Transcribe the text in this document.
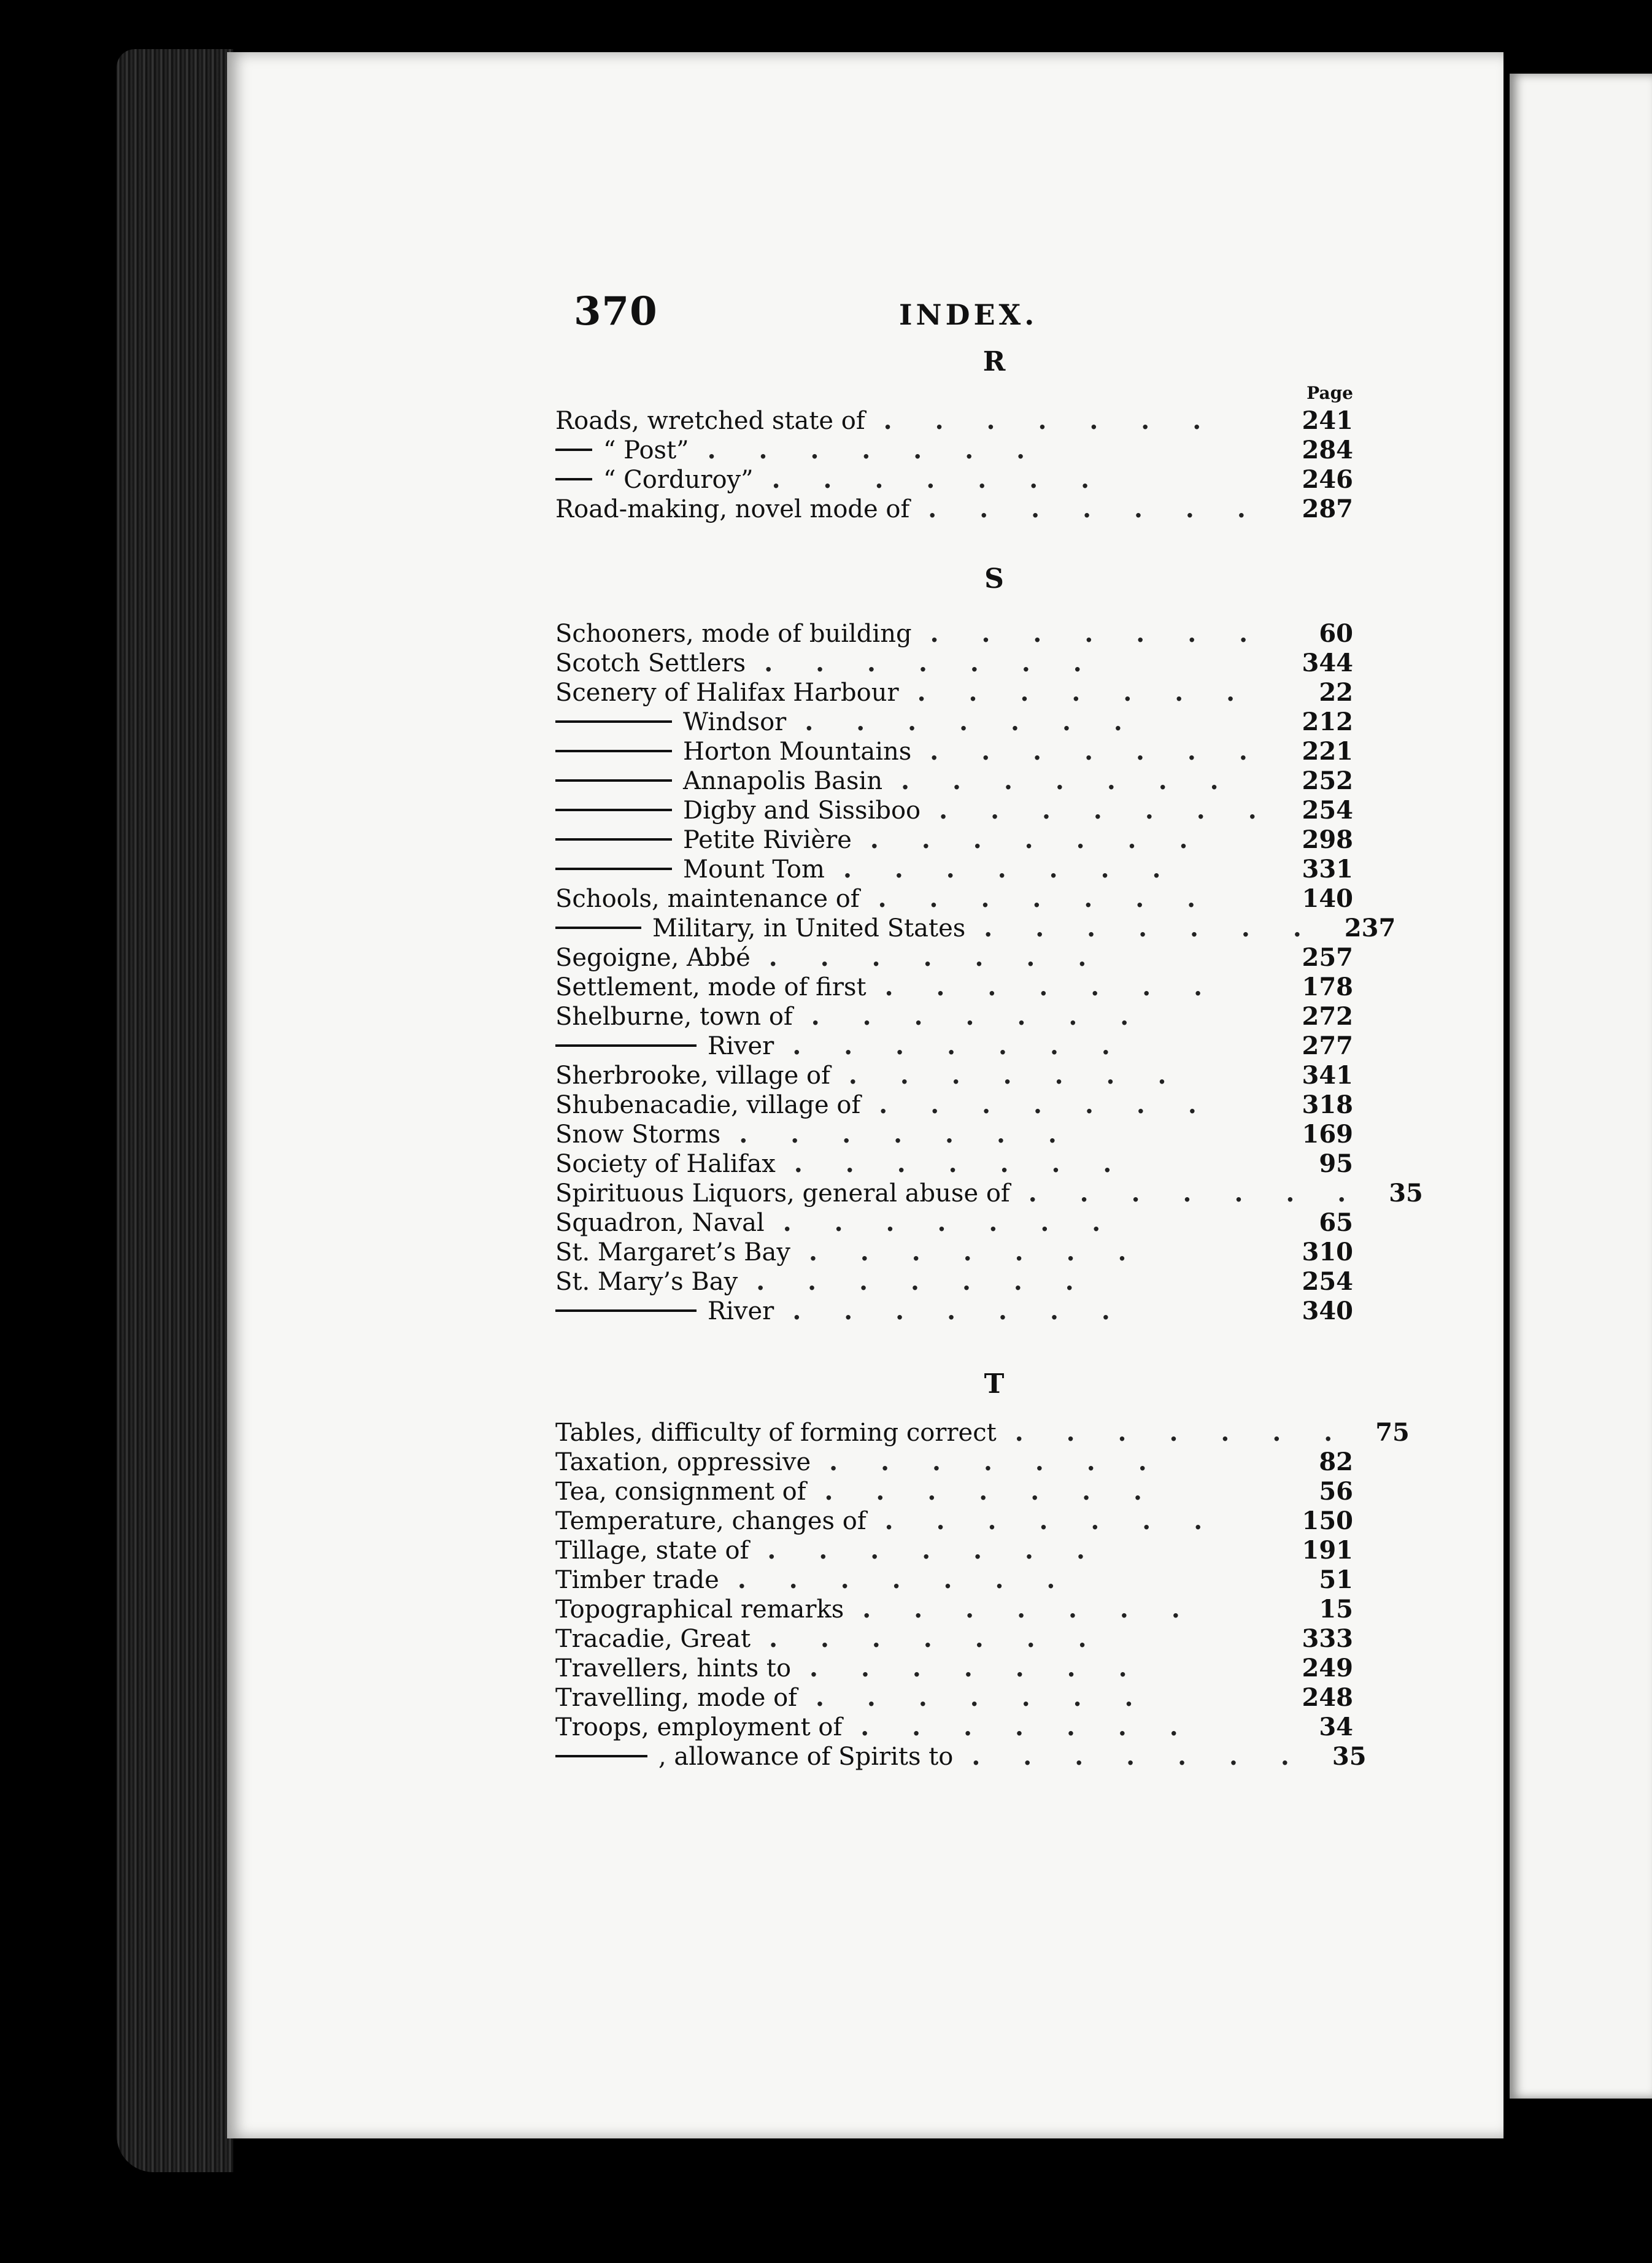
370	INDEX.
R
Page
Roads, wretched state of .......	241
“ Post” .......	284
“ Corduroy” .......	246
Road-making, novel mode of ....... 287
S
Schooners, mode of building .......	60
Scotch Settlers .......	344
Scenery of Halifax Harbour .......	22
Windsor .......	212
Horton Mountains ....... 221
Annapolis Basin .......	252
Digby and Sissiboo ....... 254
Petite Rivière .......	298
Mount Tom .......	331
Schools, maintenance of .......	140
Military, in United States ....... 237
Segoigne, Abbé .......	257
Settlement, mode of first .......	178
Shelburne, town of .......	272
River .......	277
Sherbrooke, village of .......	341
Shubenacadie, village of .......	318
Snow Storms .......	169
Society of Halifax .......	95
Spirituous Liquors, general abuse of ....... 35
Squadron, Naval .......	65
St. Margaret’s Bay .......	310
St. Mary’s Bay .......	254
River .......	340
T
Tables, difficulty of forming correct ....... 75
Taxation, oppressive .......	82
Tea, consignment of .......	56
Temperature, changes of .......	150
Tillage, state of .......	191
Timber trade .......	51
Topographical remarks .......	15
Tracadie, Great .......	333
Travellers, hints to .......	249
Travelling, mode of .......	248
Troops, employment of .......	34
, allowance of Spirits to ....... 35
